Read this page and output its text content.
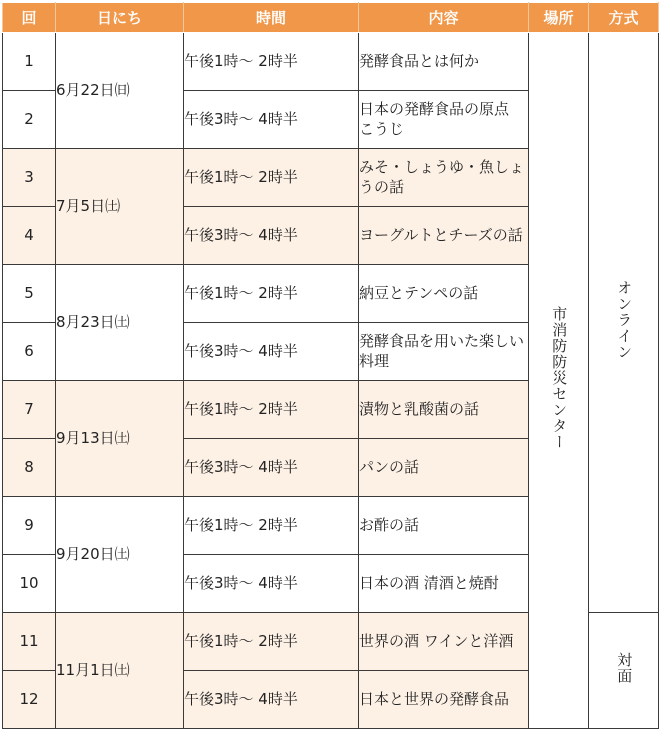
回	日にち	時間	内容	場所	方式
1	6月22日㈰	午後1時〜 2時半	発酵食品とは何か	市消防防災センター	オンライン
2		午後3時〜 4時半	日本の発酵食品の原点 こうじ		
3	7月5日㈯	午後1時〜 2時半	みそ・しょうゆ・魚しょうの話		
4		午後3時〜 4時半	ヨーグルトとチーズの話		
5	8月23日㈯	午後1時〜 2時半	納豆とテンペの話		
6		午後3時〜 4時半	発酵食品を用いた楽しい料理		
7	9月13日㈯	午後1時〜 2時半	漬物と乳酸菌の話		
8		午後3時〜 4時半	パンの話		
9	9月20日㈯	午後1時〜 2時半	お酢の話		
10		午後3時〜 4時半	日本の酒 清酒と焼酎		
11	11月1日㈯	午後1時〜 2時半	世界の酒 ワインと洋酒		対面
12		午後3時〜 4時半	日本と世界の発酵食品		
